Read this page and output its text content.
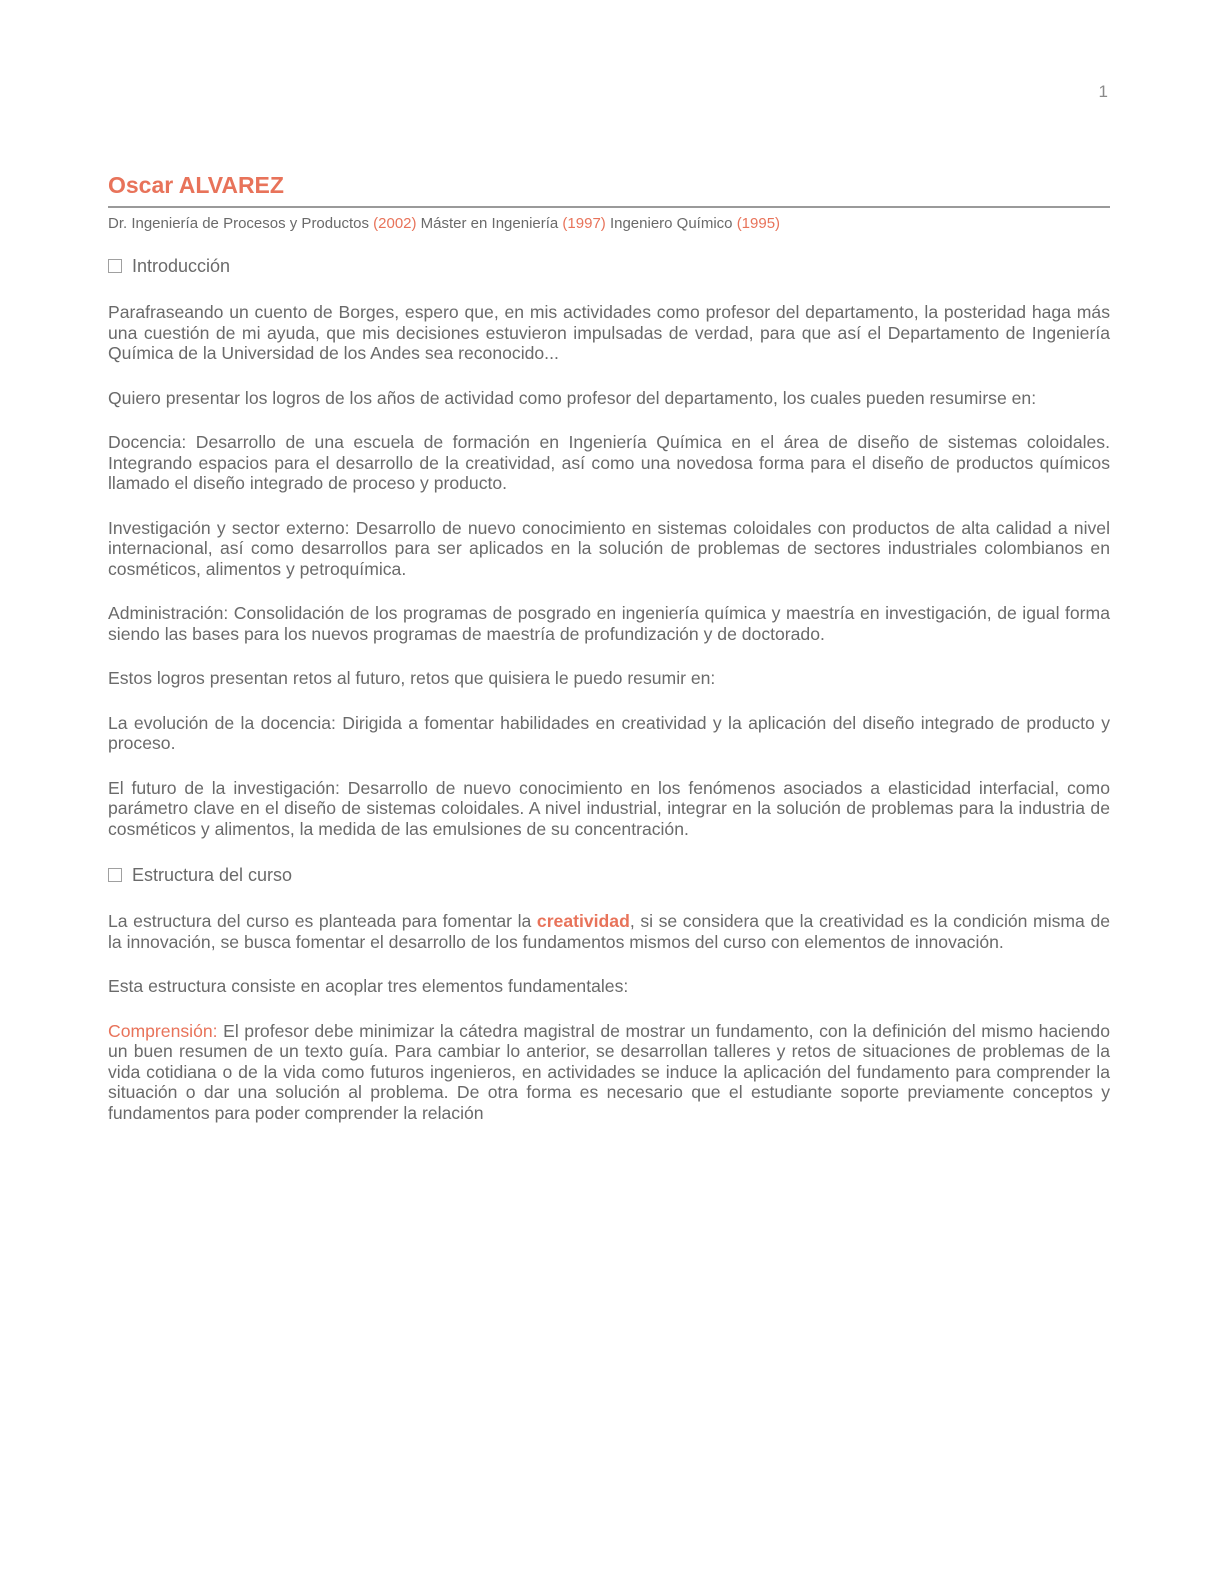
1
Oscar ALVAREZ
Dr. Ingeniería de Procesos y Productos (2002) Máster en Ingeniería (1997) Ingeniero Químico (1995)
Introducción

Parafraseando un cuento de Borges, espero que, en mis actividades como profesor del departamento, la posteridad haga más una cuestión de mi ayuda, que mis decisiones estuvieron impulsadas de verdad, para que así el Departamento de Ingeniería Química de la Universidad de los Andes sea reconocido...

Quiero presentar los logros de los años de actividad como profesor del departamento, los cuales pueden resumirse en:

Docencia: Desarrollo de una escuela de formación en Ingeniería Química en el área de diseño de sistemas coloidales. Integrando espacios para el desarrollo de la creatividad, así como una novedosa forma para el diseño de productos químicos llamado el diseño integrado de proceso y producto.

Investigación y sector externo: Desarrollo de nuevo conocimiento en sistemas coloidales con productos de alta calidad a nivel internacional, así como desarrollos para ser aplicados en la solución de problemas de sectores industriales colombianos en cosméticos, alimentos y petroquímica.

Administración: Consolidación de los programas de posgrado en ingeniería química y maestría en investigación, de igual forma siendo las bases para los nuevos programas de maestría de profundización y de doctorado.

Estos logros presentan retos al futuro, retos que quisiera le puedo resumir en:

La evolución de la docencia: Dirigida a fomentar habilidades en creatividad y la aplicación del diseño integrado de producto y proceso.

El futuro de la investigación: Desarrollo de nuevo conocimiento en los fenómenos asociados a elasticidad interfacial, como parámetro clave en el diseño de sistemas coloidales. A nivel industrial, integrar en la solución de problemas para la industria de cosméticos y alimentos, la medida de las emulsiones de su concentración.

Estructura del curso

La estructura del curso es planteada para fomentar la creatividad, si se considera que la creatividad es la condición misma de la innovación, se busca fomentar el desarrollo de los fundamentos mismos del curso con elementos de innovación.

Esta estructura consiste en acoplar tres elementos fundamentales:

Comprensión: El profesor debe minimizar la cátedra magistral de mostrar un fundamento, con la definición del mismo haciendo un buen resumen de un texto guía. Para cambiar lo anterior, se desarrollan talleres y retos de situaciones de problemas de la vida cotidiana o de la vida como futuros ingenieros, en actividades se induce la aplicación del fundamento para comprender la situación o dar una solución al problema. De otra forma es necesario que el estudiante soporte previamente conceptos y fundamentos para poder comprender la relación
